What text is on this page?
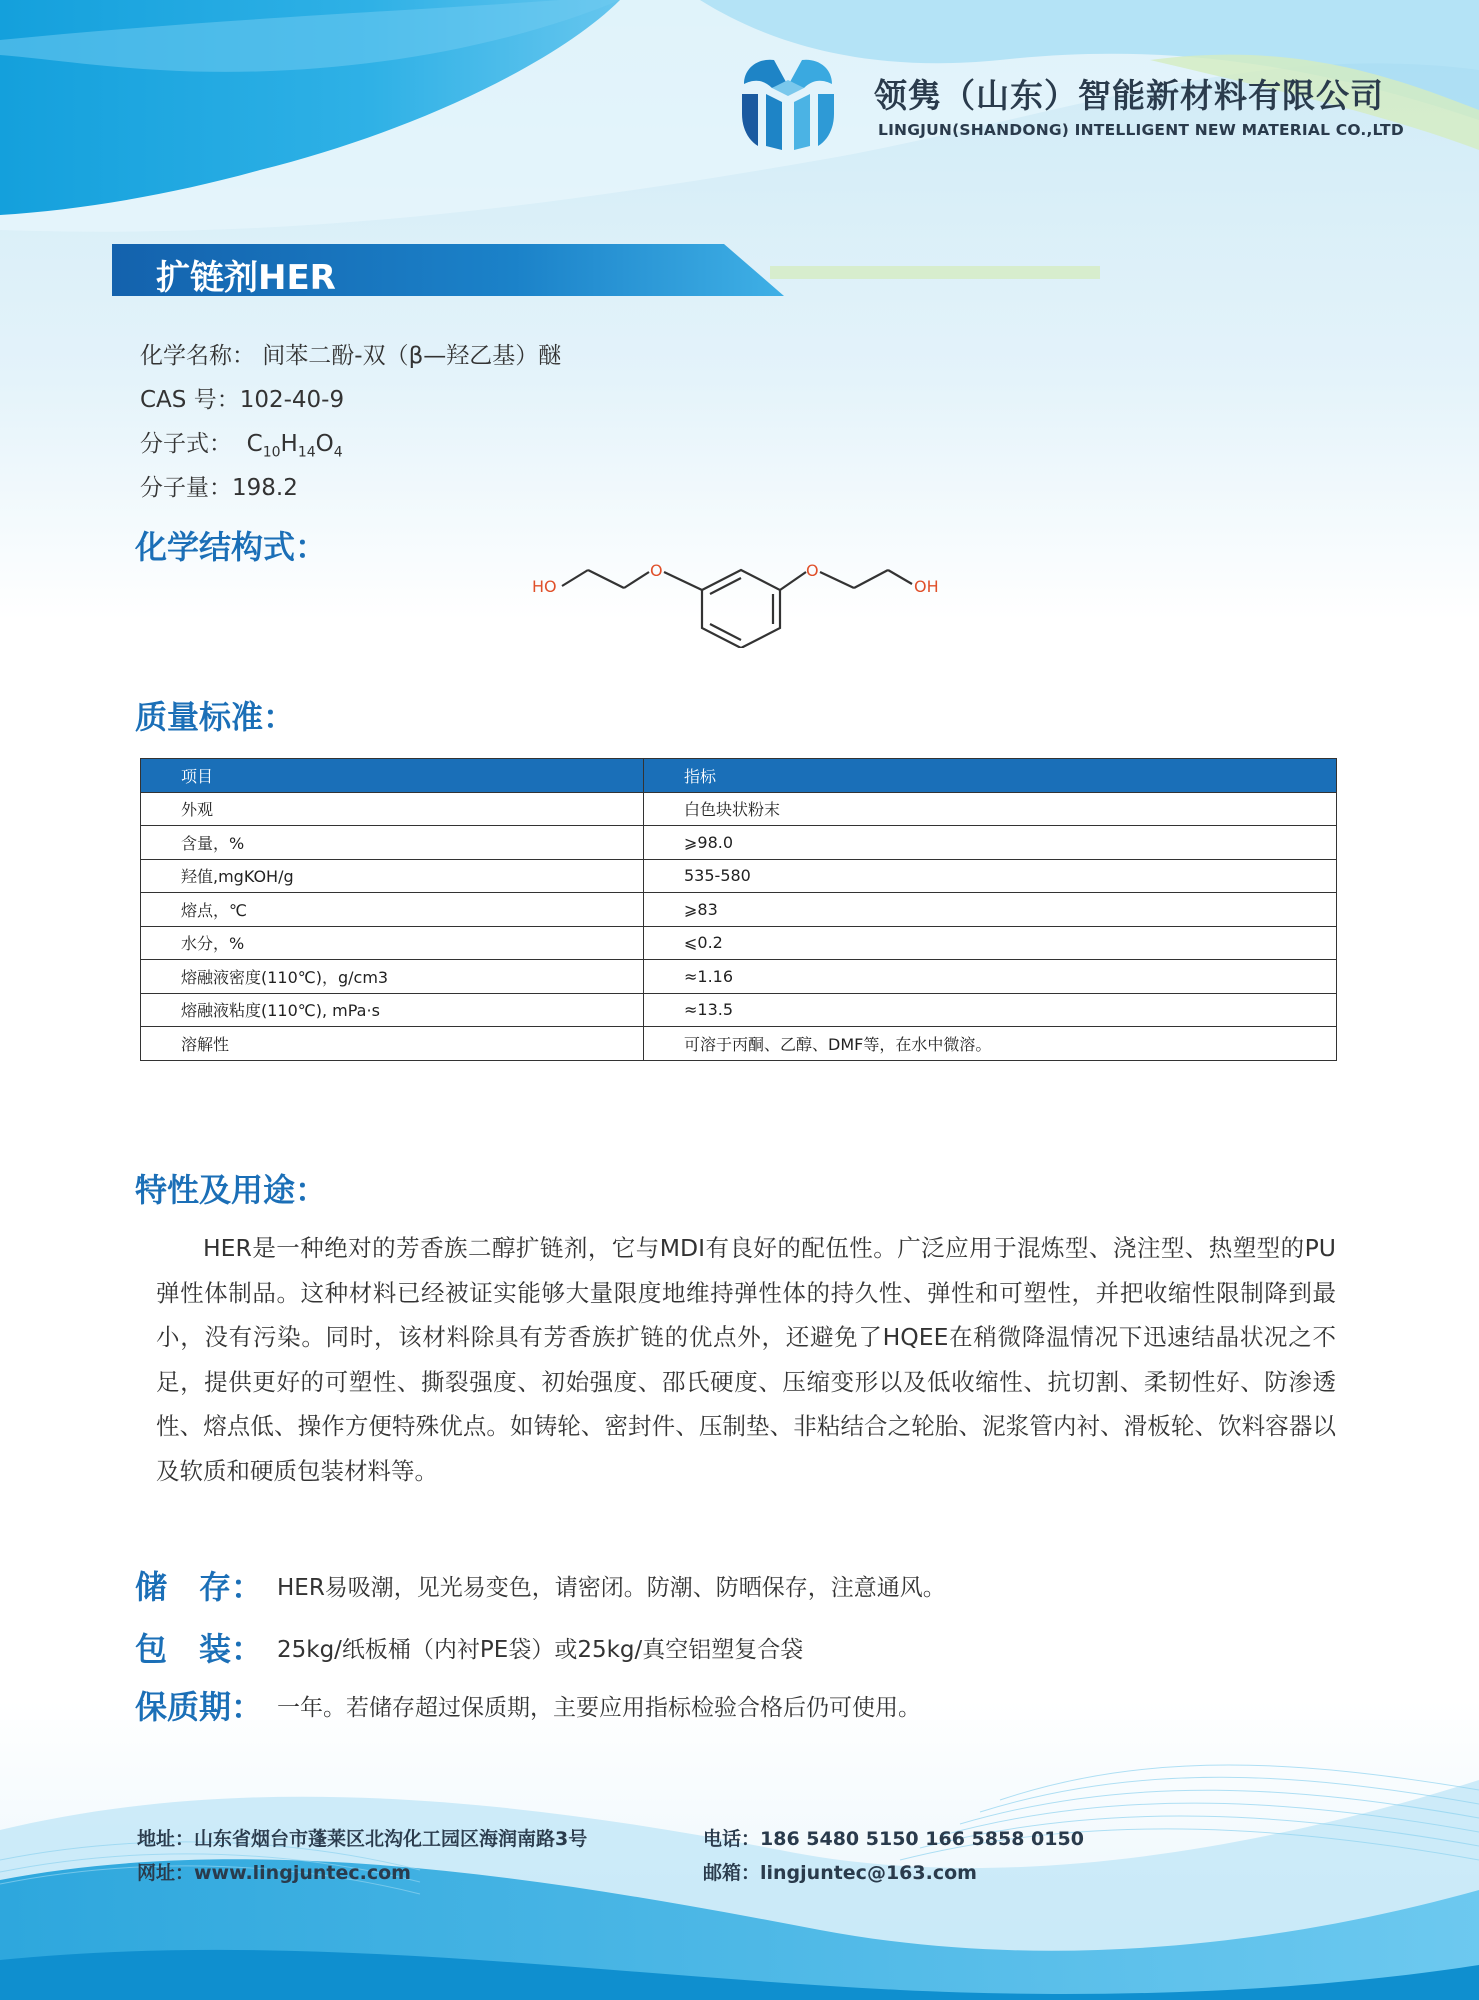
领隽（山东）智能新材料有限公司
LINGJUN(SHANDONG) INTELLIGENT NEW MATERIAL CO.,LTD
扩链剂HER
化学名称： 间苯二酚-双（β—羟乙基）醚
CAS 号：102-40-9
分子式： $C_{10}H_{14}O_4$
分子量：198.2
化学结构式：
HO
O	O
OH
质量标准：
项目	指标
外观	白色块状粉末
含量，%	⩾98.0
羟值,mgKOH/g	535-580
熔点，℃	⩾83
水分，%	⩽0.2
熔融液密度(110℃)，g/cm3	≈1.16
熔融液粘度(110℃), mPa·s	≈13.5
溶解性	可溶于丙酮、乙醇、DMF等，在水中微溶。
特性及用途：
HER是一种绝对的芳香族二醇扩链剂，它与MDI有良好的配伍性。广泛应用于混炼型、浇注型、热塑型的PU弹性体制品。这种材料已经被证实能够大量限度地维持弹性体的持久性、弹性和可塑性，并把收缩性限制降到最小，没有污染。同时，该材料除具有芳香族扩链的优点外，还避免了HQEE在稍微降温情况下迅速结晶状况之不足，提供更好的可塑性、撕裂强度、初始强度、邵氏硬度、压缩变形以及低收缩性、抗切割、柔韧性好、防渗透性、熔点低、操作方便特殊优点。如铸轮、密封件、压制垫、非粘结合之轮胎、泥浆管内衬、滑板轮、饮料容器以及软质和硬质包装材料等。
储　存： HER易吸潮，见光易变色，请密闭。防潮、防晒保存，注意通风。
包　装： 25kg/纸板桶（内衬PE袋）或25kg/真空铝塑复合袋
保质期： 一年。若储存超过保质期，主要应用指标检验合格后仍可使用。
地址：山东省烟台市蓬莱区北沟化工园区海润南路3号
网址：www.lingjuntec.com
电话：186 5480 5150 166 5858 0150
邮箱：lingjuntec@163.com
